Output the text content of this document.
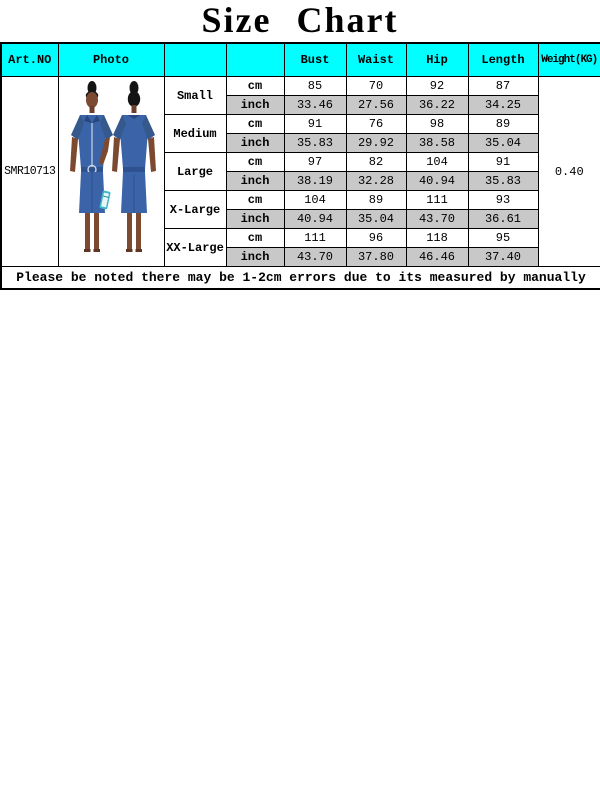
Size Chart
Art.NO	Photo			Bust	Waist	Hip	Length	Weight(KG)
SMR10713		Small	cm	85	70	92	87	0.40
			inch	33.46	27.56	36.22	34.25	
		Medium	cm	91	76	98	89	
			inch	35.83	29.92	38.58	35.04	
		Large	cm	97	82	104	91	
			inch	38.19	32.28	40.94	35.83	
		X-Large	cm	104	89	111	93	
			inch	40.94	35.04	43.70	36.61	
		XX-Large	cm	111	96	118	95	
			inch	43.70	37.80	46.46	37.40	
Please be noted there may be 1-2cm errors due to its measured by manually								
